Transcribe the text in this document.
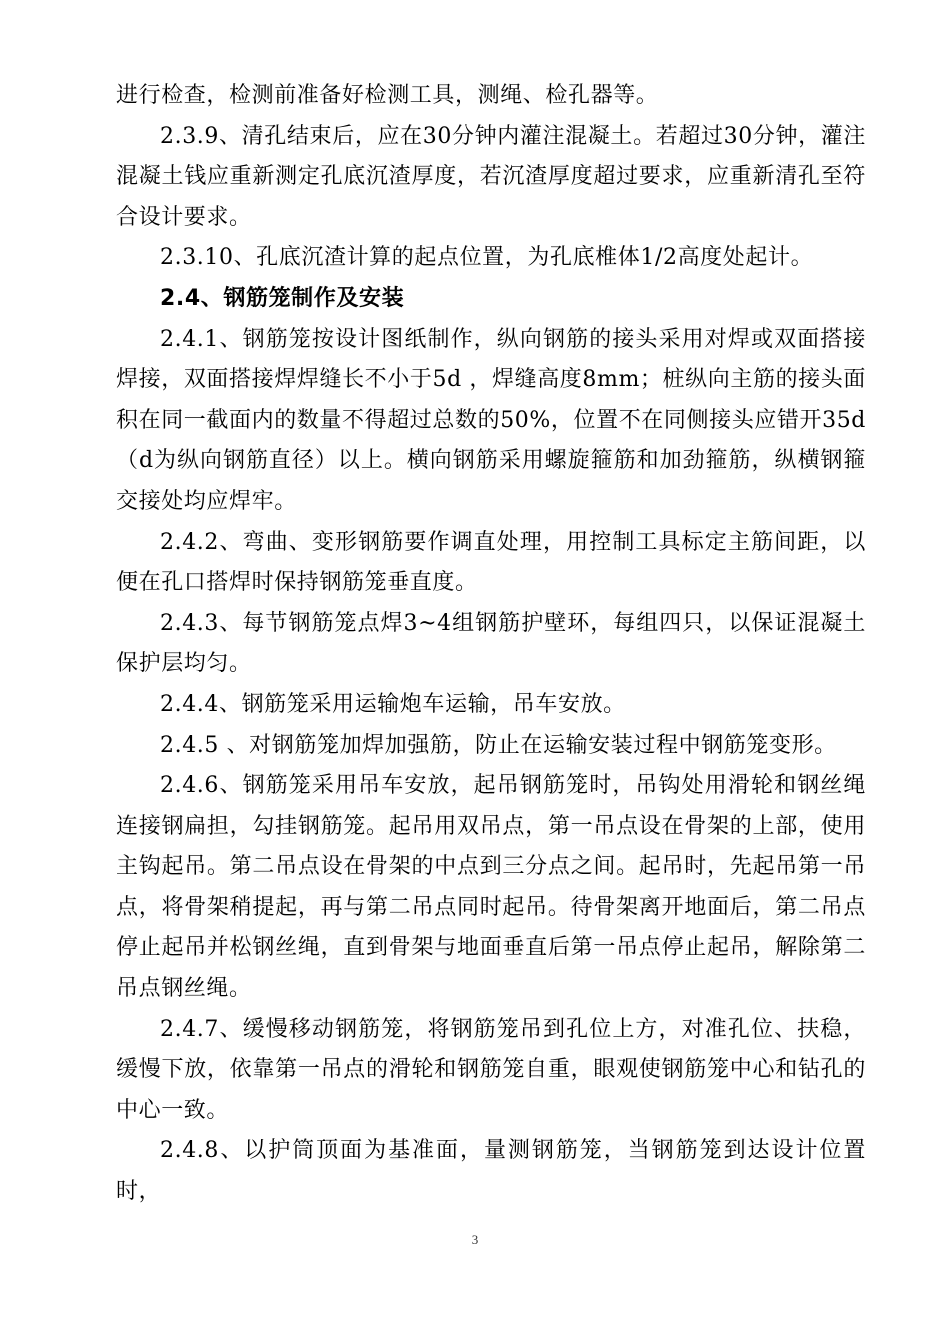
进行检查，检测前准备好检测工具，测绳、检孔器等。

2.3.9、清孔结束后，应在30分钟内灌注混凝土。若超过30分钟，灌注混凝土钱应重新测定孔底沉渣厚度，若沉渣厚度超过要求，应重新清孔至符合设计要求。

2.3.10、孔底沉渣计算的起点位置，为孔底椎体1/2高度处起计。

2.4、钢筋笼制作及安装

2.4.1、钢筋笼按设计图纸制作，纵向钢筋的接头采用对焊或双面搭接焊接，双面搭接焊焊缝长不小于5d ，焊缝高度8mm；桩纵向主筋的接头面积在同一截面内的数量不得超过总数的50%，位置不在同侧接头应错开35d（d为纵向钢筋直径）以上。横向钢筋采用螺旋箍筋和加劲箍筋，纵横钢箍交接处均应焊牢。

2.4.2、弯曲、变形钢筋要作调直处理，用控制工具标定主筋间距，以便在孔口搭焊时保持钢筋笼垂直度。

2.4.3、每节钢筋笼点焊3~4组钢筋护壁环，每组四只，以保证混凝土保护层均匀。

2.4.4、钢筋笼采用运输炮车运输，吊车安放。

2.4.5 、对钢筋笼加焊加强筋，防止在运输安装过程中钢筋笼变形。

2.4.6、钢筋笼采用吊车安放，起吊钢筋笼时，吊钩处用滑轮和钢丝绳连接钢扁担，勾挂钢筋笼。起吊用双吊点，第一吊点设在骨架的上部，使用主钩起吊。第二吊点设在骨架的中点到三分点之间。起吊时，先起吊第一吊点，将骨架稍提起，再与第二吊点同时起吊。待骨架离开地面后，第二吊点停止起吊并松钢丝绳，直到骨架与地面垂直后第一吊点停止起吊，解除第二吊点钢丝绳。

2.4.7、缓慢移动钢筋笼，将钢筋笼吊到孔位上方，对准孔位、扶稳，缓慢下放，依靠第一吊点的滑轮和钢筋笼自重，眼观使钢筋笼中心和钻孔的中心一致。

2.4.8、以护筒顶面为基准面，量测钢筋笼，当钢筋笼到达设计位置时，

3
